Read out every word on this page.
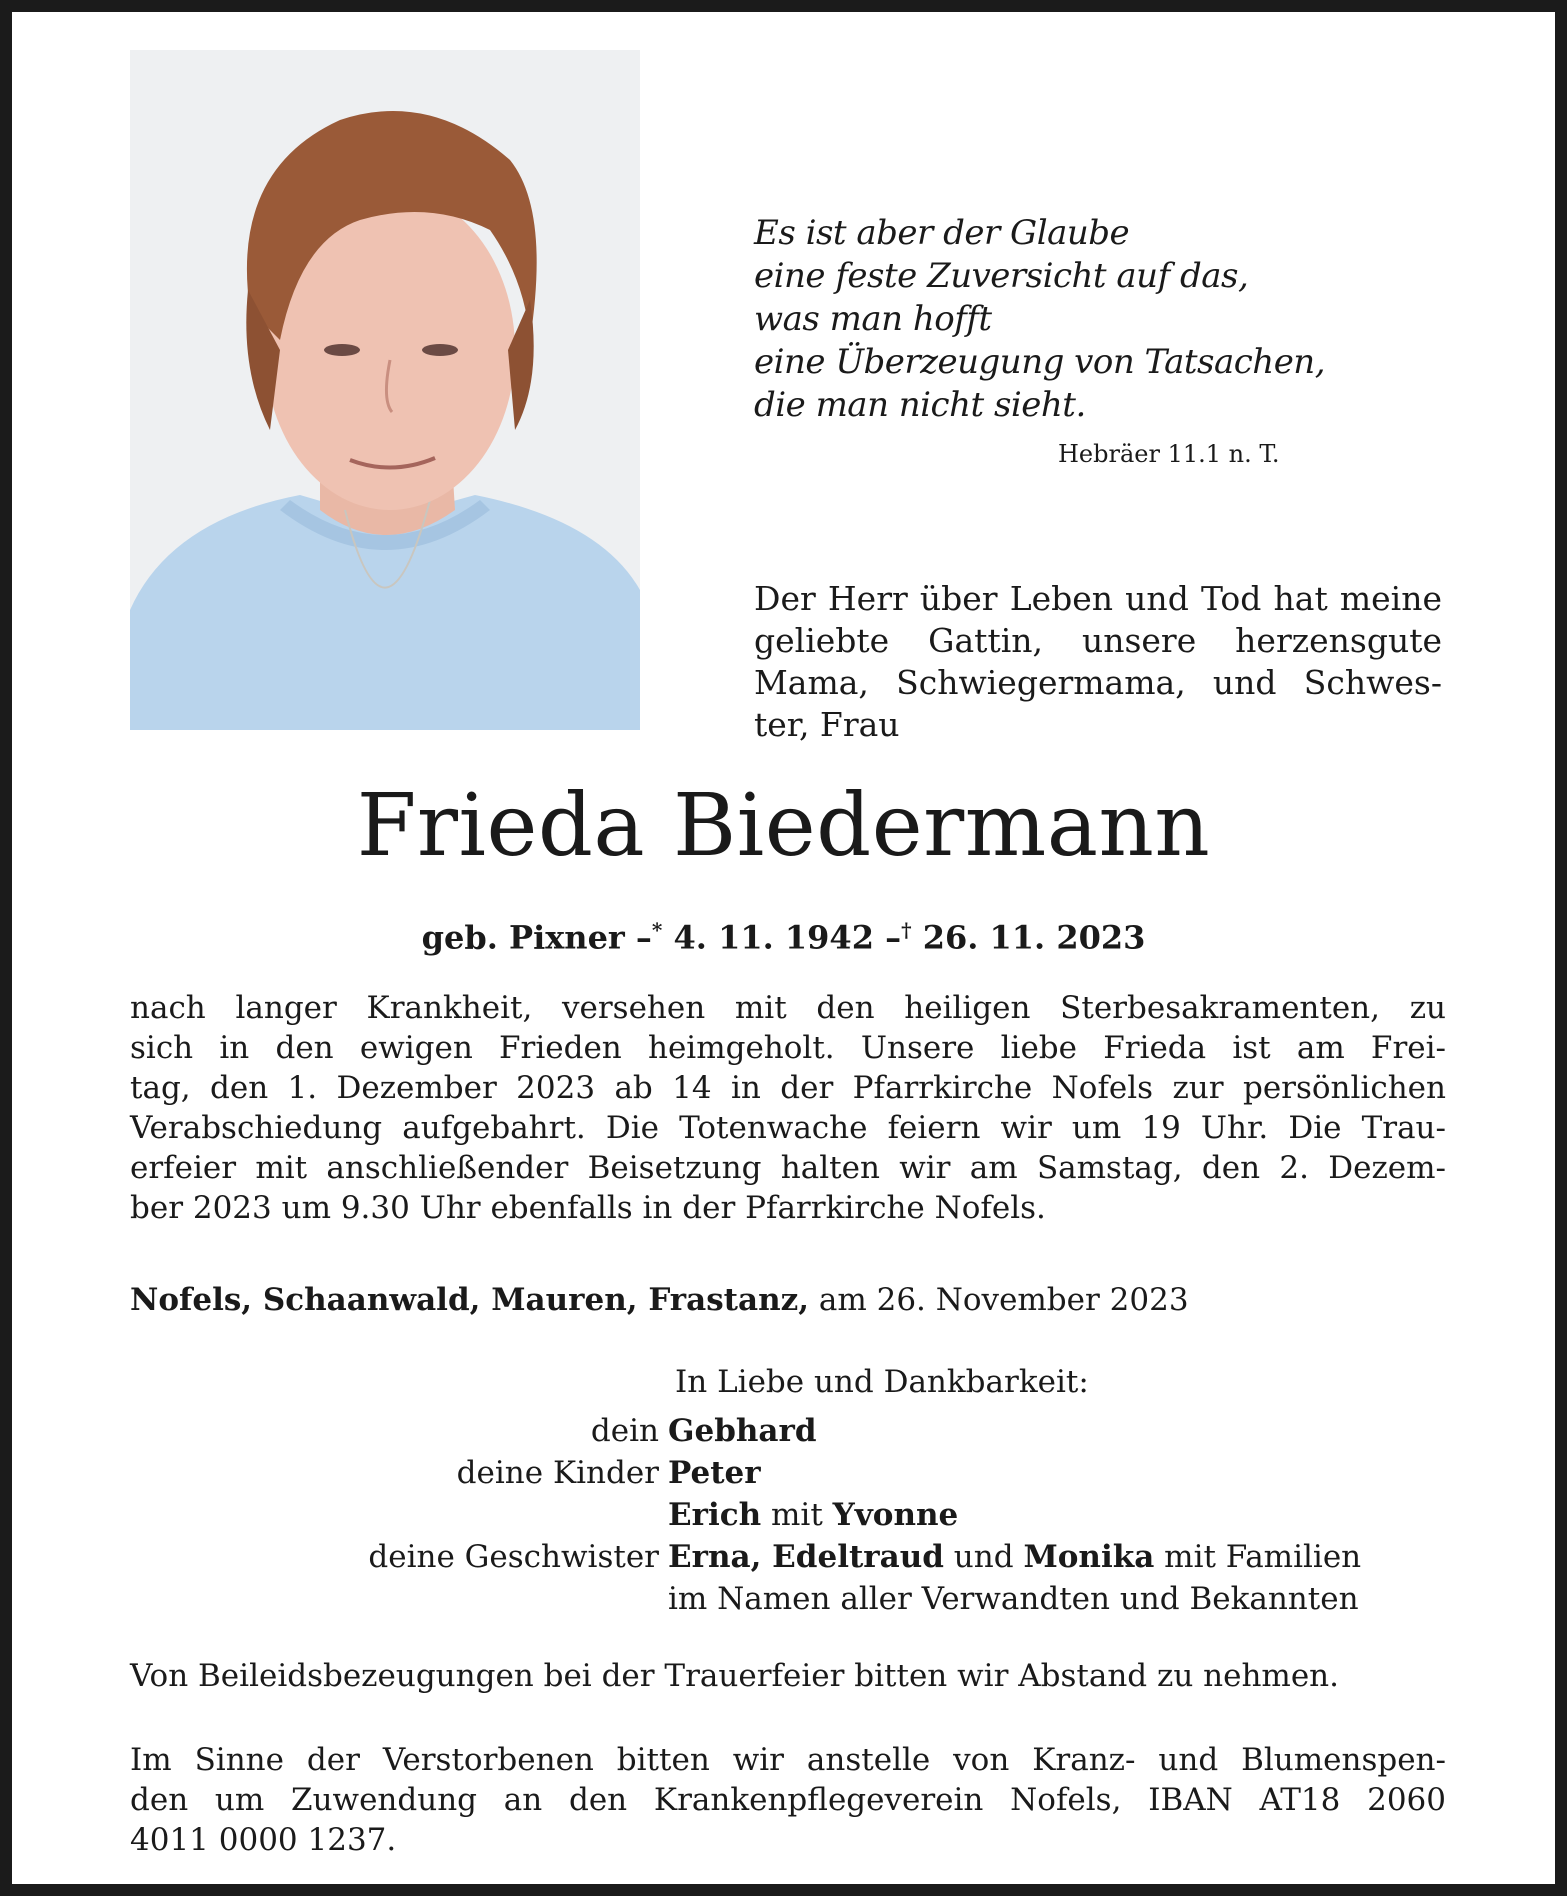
Es ist aber der Glaube
eine feste Zuversicht auf das,
was man hofft
eine Überzeugung von Tatsachen,
die man nicht sieht.
Hebräer 11.1 n. T.
Der Herr über Leben und Tod hat meine
geliebte Gattin, unsere herzensgute
Mama, Schwiegermama, und Schwes-
ter, Frau
Frieda Biedermann
geb. Pixner –* 4. 11. 1942 –† 26. 11. 2023
nach langer Krankheit, versehen mit den heiligen Sterbesakramenten, zu
sich in den ewigen Frieden heimgeholt. Unsere liebe Frieda ist am Frei-
tag, den 1. Dezember 2023 ab 14 in der Pfarrkirche Nofels zur persönlichen
Verabschiedung aufgebahrt. Die Totenwache feiern wir um 19 Uhr. Die Trau-
erfeier mit anschließender Beisetzung halten wir am Samstag, den 2. Dezem-
ber 2023 um 9.30 Uhr ebenfalls in der Pfarrkirche Nofels.
Nofels, Schaanwald, Mauren, Frastanz, am 26. November 2023
In Liebe und Dankbarkeit:
dein Gebhard
deine Kinder Peter
Erich mit Yvonne
deine Geschwister Erna, Edeltraud und Monika mit Familien
im Namen aller Verwandten und Bekannten
Von Beileidsbezeugungen bei der Trauerfeier bitten wir Abstand zu nehmen.
Im Sinne der Verstorbenen bitten wir anstelle von Kranz- und Blumenspen-
den um Zuwendung an den Krankenpflegeverein Nofels, IBAN AT18 2060
4011 0000 1237.
